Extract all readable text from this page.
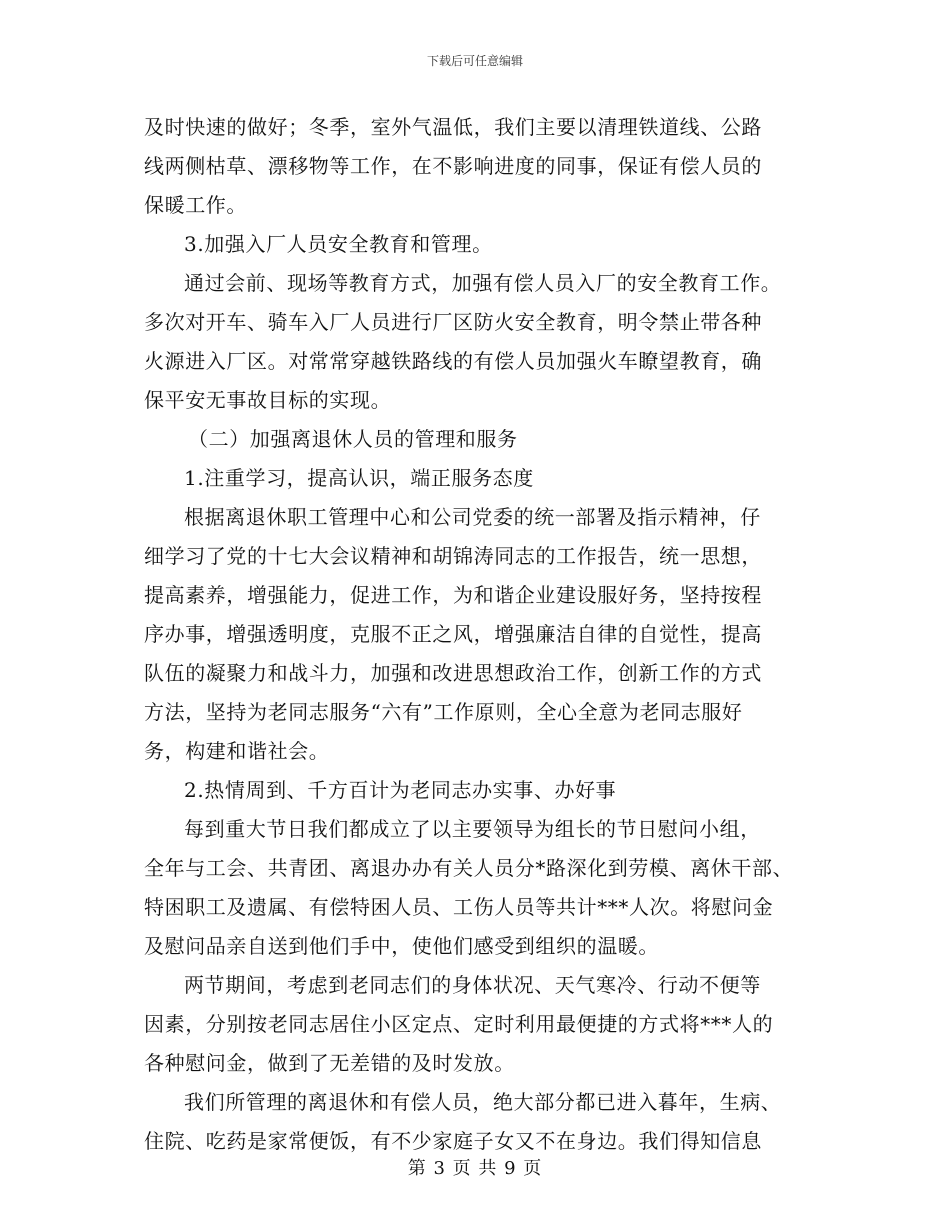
下载后可任意编辑
及时快速的做好；冬季，室外气温低，我们主要以清理铁道线、公路
线两侧枯草、漂移物等工作，在不影响进度的同事，保证有偿人员的
保暖工作。
3.加强入厂人员安全教育和管理。
通过会前、现场等教育方式，加强有偿人员入厂的安全教育工作。
多次对开车、骑车入厂人员进行厂区防火安全教育，明令禁止带各种
火源进入厂区。对常常穿越铁路线的有偿人员加强火车瞭望教育，确
保平安无事故目标的实现。
（二）加强离退休人员的管理和服务
1.注重学习，提高认识，端正服务态度
根据离退休职工管理中心和公司党委的统一部署及指示精神，仔
细学习了党的十七大会议精神和胡锦涛同志的工作报告，统一思想，
提高素养，增强能力，促进工作，为和谐企业建设服好务，坚持按程
序办事，增强透明度，克服不正之风，增强廉洁自律的自觉性，提高
队伍的凝聚力和战斗力，加强和改进思想政治工作，创新工作的方式
方法，坚持为老同志服务“六有”工作原则，全心全意为老同志服好
务，构建和谐社会。
2.热情周到、千方百计为老同志办实事、办好事
每到重大节日我们都成立了以主要领导为组长的节日慰问小组，
全年与工会、共青团、离退办办有关人员分*路深化到劳模、离休干部、
特困职工及遗属、有偿特困人员、工伤人员等共计***人次。将慰问金
及慰问品亲自送到他们手中，使他们感受到组织的温暖。
两节期间，考虑到老同志们的身体状况、天气寒冷、行动不便等
因素，分别按老同志居住小区定点、定时利用最便捷的方式将***人的
各种慰问金，做到了无差错的及时发放。
我们所管理的离退休和有偿人员，绝大部分都已进入暮年，生病、
住院、吃药是家常便饭，有不少家庭子女又不在身边。我们得知信息
第 3 页 共 9 页
